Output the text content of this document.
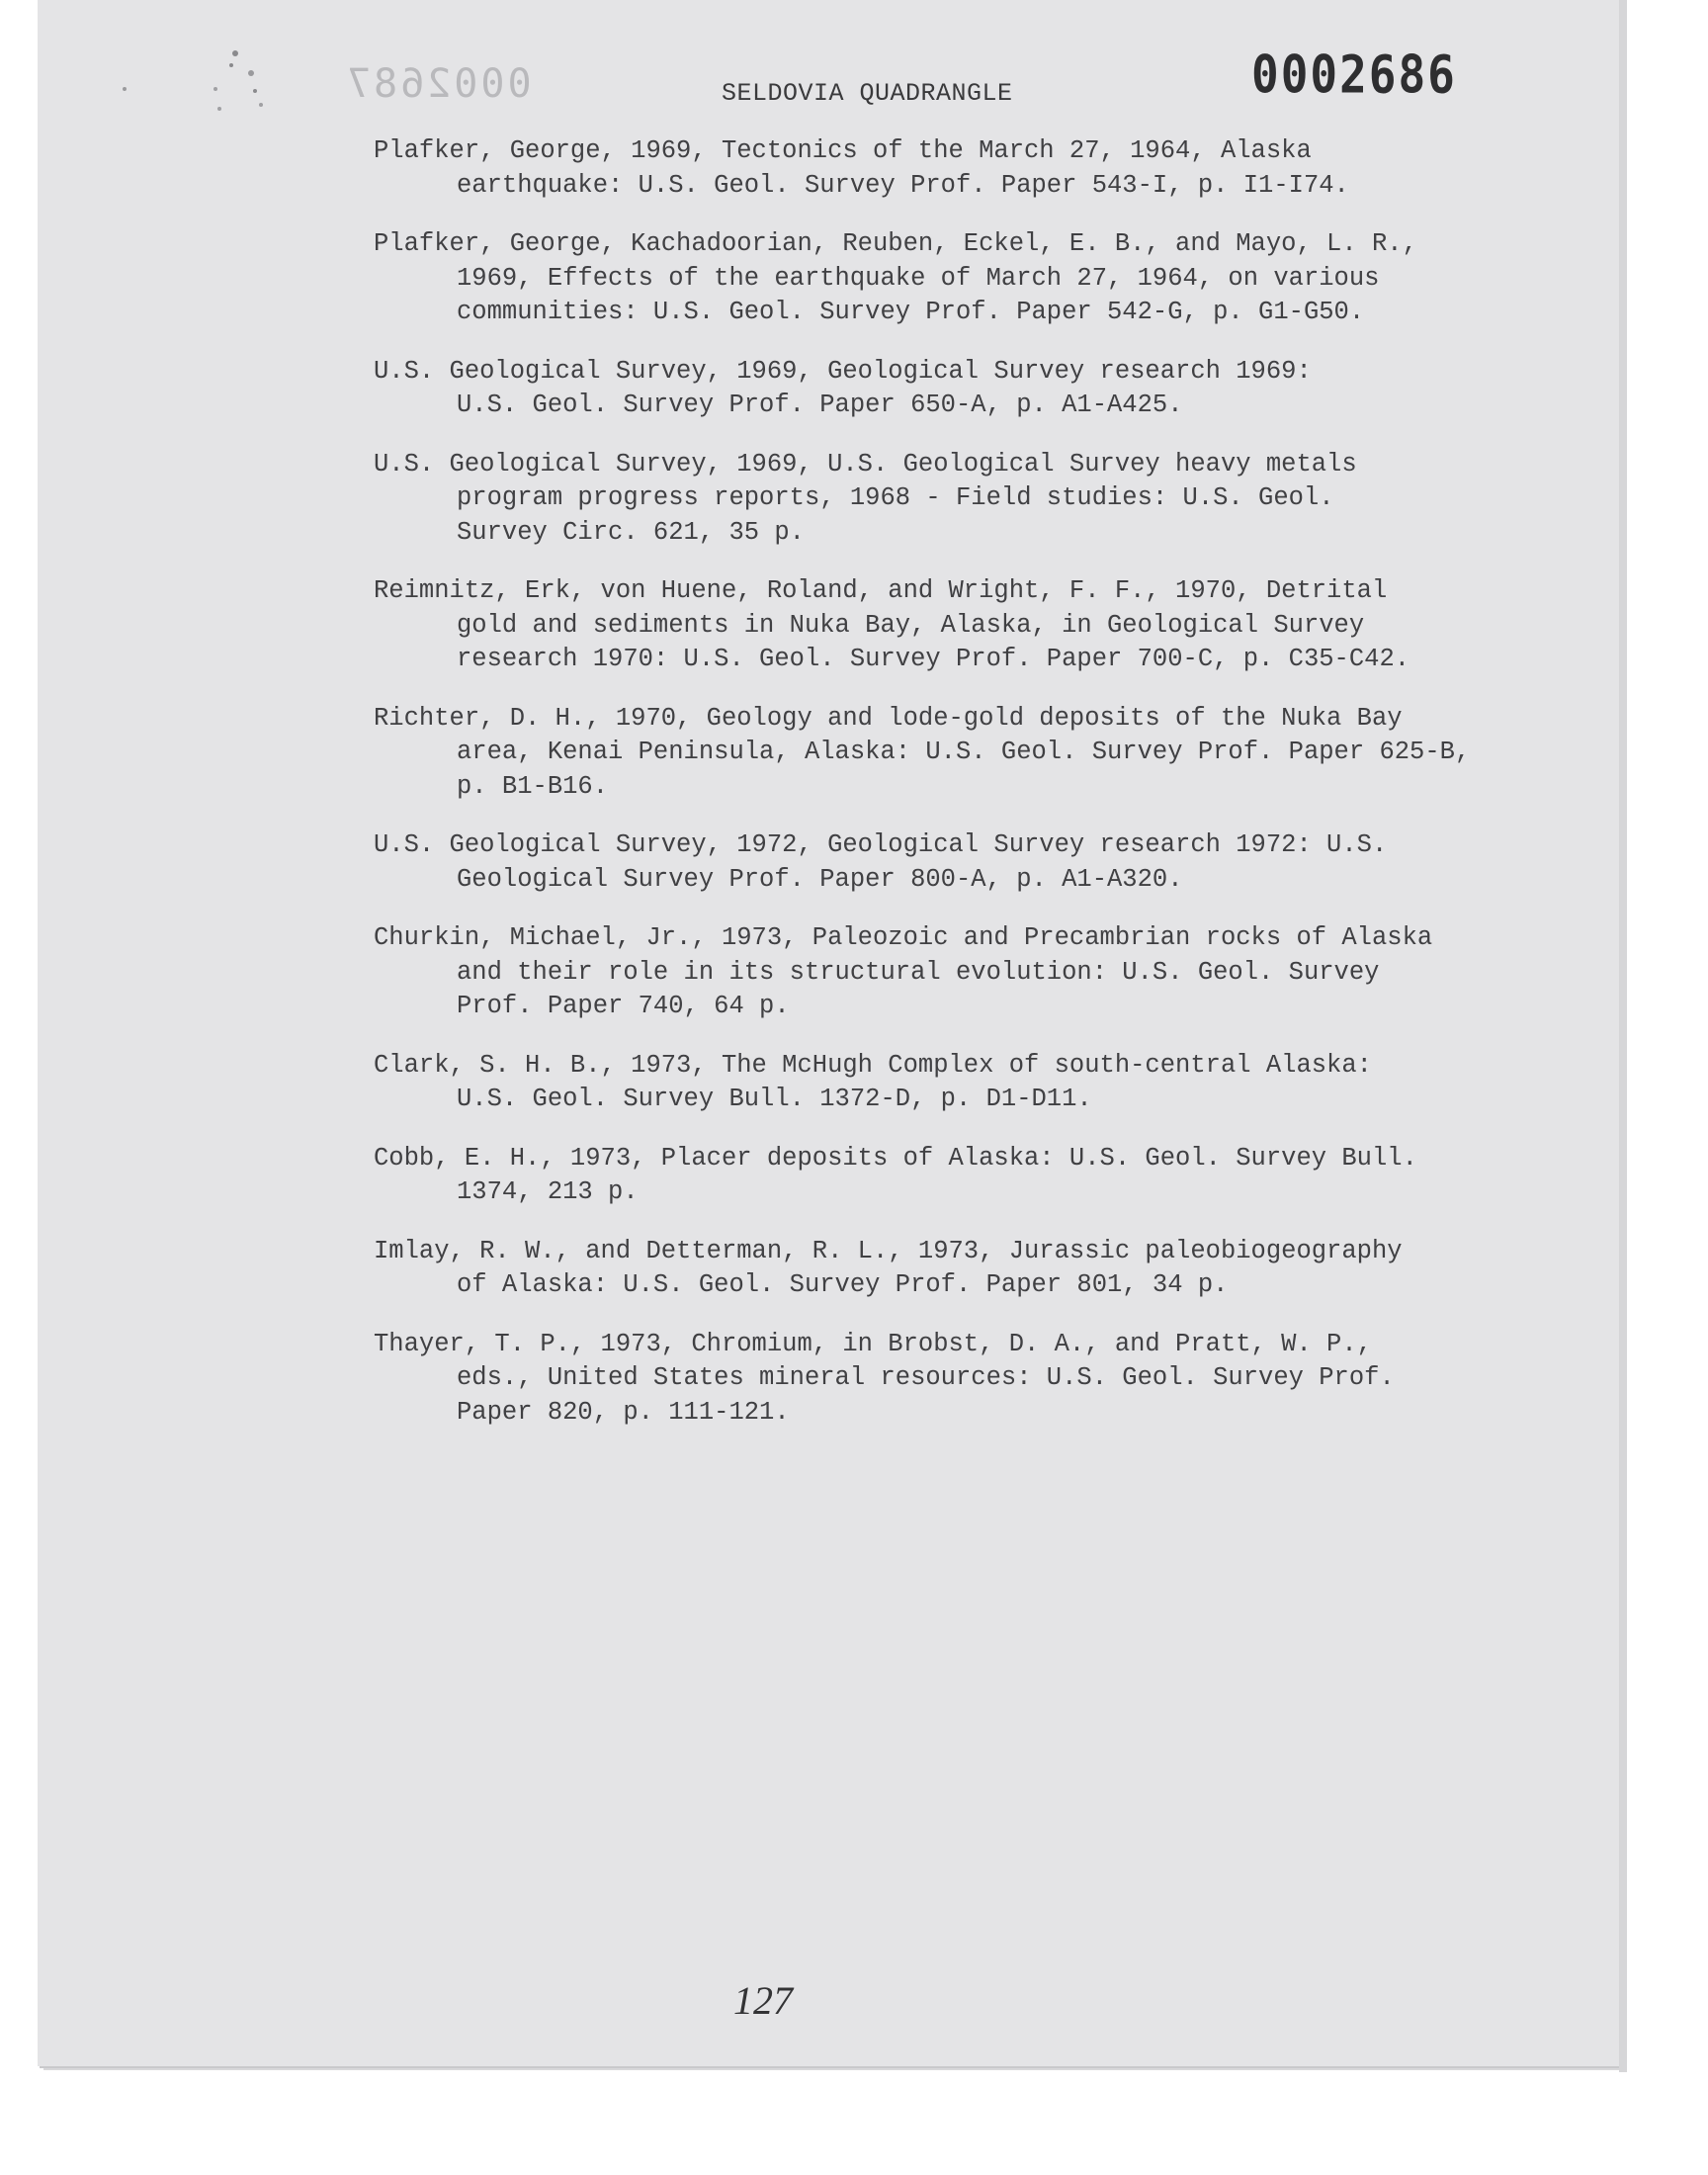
0002687	SELDOVIA QUADRANGLE	0002686
Plafker, George, 1969, Tectonics of the March 27, 1964, Alaska
earthquake: U.S. Geol. Survey Prof. Paper 543-I, p. I1-I74.
Plafker, George, Kachadoorian, Reuben, Eckel, E. B., and Mayo, L. R.,
1969, Effects of the earthquake of March 27, 1964, on various
communities: U.S. Geol. Survey Prof. Paper 542-G, p. G1-G50.
U.S. Geological Survey, 1969, Geological Survey research 1969:
U.S. Geol. Survey Prof. Paper 650-A, p. A1-A425.
U.S. Geological Survey, 1969, U.S. Geological Survey heavy metals
program progress reports, 1968 - Field studies: U.S. Geol.
Survey Circ. 621, 35 p.
Reimnitz, Erk, von Huene, Roland, and Wright, F. F., 1970, Detrital
gold and sediments in Nuka Bay, Alaska, in Geological Survey
research 1970: U.S. Geol. Survey Prof. Paper 700-C, p. C35-C42.
Richter, D. H., 1970, Geology and lode-gold deposits of the Nuka Bay
area, Kenai Peninsula, Alaska: U.S. Geol. Survey Prof. Paper 625-B,
p. B1-B16.
U.S. Geological Survey, 1972, Geological Survey research 1972: U.S.
Geological Survey Prof. Paper 800-A, p. A1-A320.
Churkin, Michael, Jr., 1973, Paleozoic and Precambrian rocks of Alaska
and their role in its structural evolution: U.S. Geol. Survey
Prof. Paper 740, 64 p.
Clark, S. H. B., 1973, The McHugh Complex of south-central Alaska:
U.S. Geol. Survey Bull. 1372-D, p. D1-D11.
Cobb, E. H., 1973, Placer deposits of Alaska: U.S. Geol. Survey Bull.
1374, 213 p.
Imlay, R. W., and Detterman, R. L., 1973, Jurassic paleobiogeography
of Alaska: U.S. Geol. Survey Prof. Paper 801, 34 p.
Thayer, T. P., 1973, Chromium, in Brobst, D. A., and Pratt, W. P.,
eds., United States mineral resources: U.S. Geol. Survey Prof.
Paper 820, p. 111-121.
127
